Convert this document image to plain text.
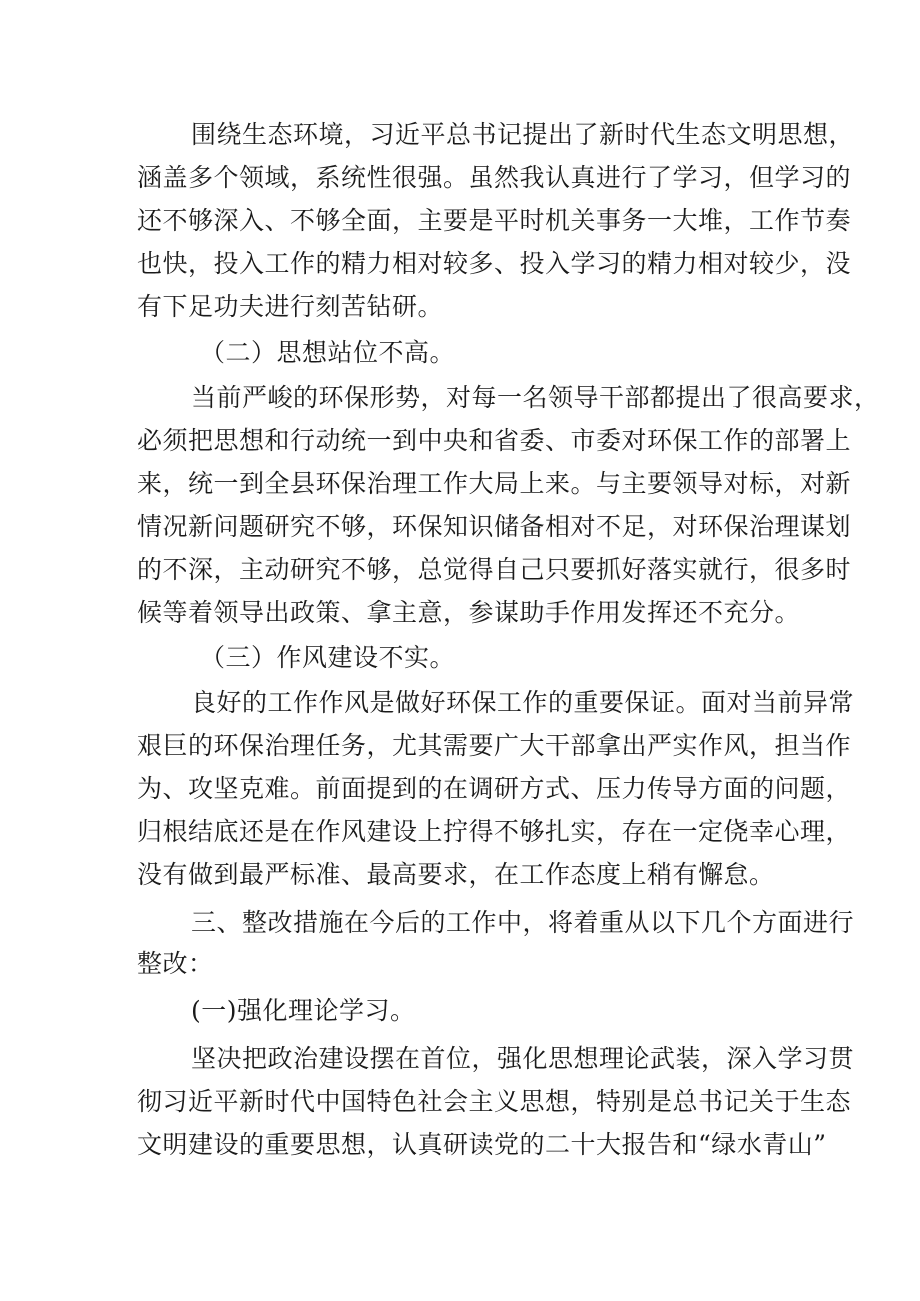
围绕生态环境，习近平总书记提出了新时代生态文明思想，
涵盖多个领域，系统性很强。虽然我认真进行了学习，但学习的
还不够深入、不够全面，主要是平时机关事务一大堆，工作节奏
也快，投入工作的精力相对较多、投入学习的精力相对较少，没
有下足功夫进行刻苦钻研。
（二）思想站位不高。
当前严峻的环保形势，对每一名领导干部都提出了很高要求，
必须把思想和行动统一到中央和省委、市委对环保工作的部署上
来，统一到全县环保治理工作大局上来。与主要领导对标，对新
情况新问题研究不够，环保知识储备相对不足，对环保治理谋划
的不深，主动研究不够，总觉得自己只要抓好落实就行，很多时
候等着领导出政策、拿主意，参谋助手作用发挥还不充分。
（三）作风建设不实。
良好的工作作风是做好环保工作的重要保证。面对当前异常
艰巨的环保治理任务，尤其需要广大干部拿出严实作风，担当作
为、攻坚克难。前面提到的在调研方式、压力传导方面的问题，
归根结底还是在作风建设上拧得不够扎实，存在一定侥幸心理，
没有做到最严标准、最高要求，在工作态度上稍有懈怠。
三、整改措施在今后的工作中，将着重从以下几个方面进行
整改：
(一)强化理论学习。
坚决把政治建设摆在首位，强化思想理论武装，深入学习贯
彻习近平新时代中国特色社会主义思想，特别是总书记关于生态
文明建设的重要思想，认真研读党的二十大报告和“绿水青山”
